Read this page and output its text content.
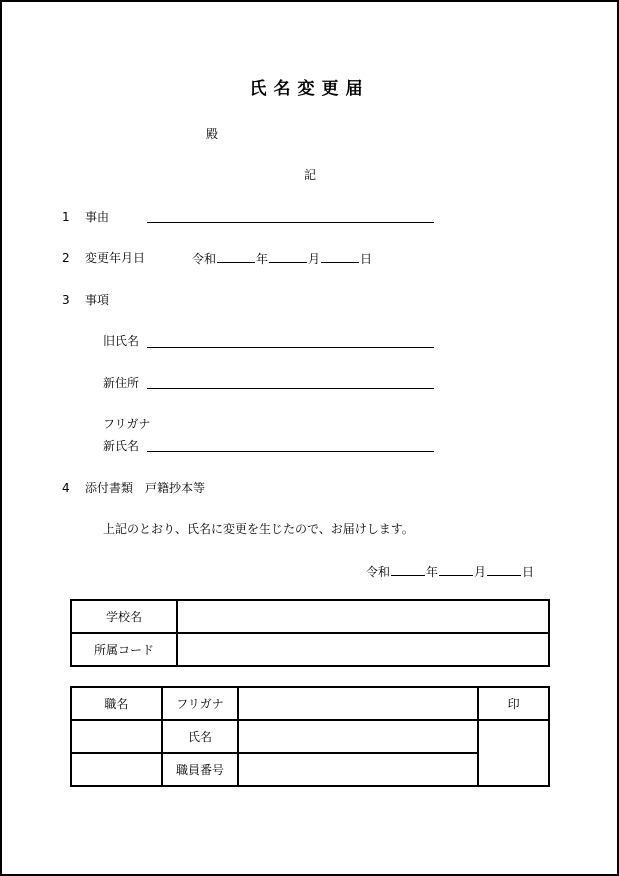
氏名変更届
殿
記
1 事由
2 変更年月日	令和	年	月	日
3 事項
旧氏名
新住所
フリガナ
新氏名
4 添付書類　戸籍抄本等
上記のとおり、氏名に変更を生じたので、お届けします。
令和	年	月	日
学校名	
所属コード	
職名	フリガナ		印
	氏名		
	職員番号		
